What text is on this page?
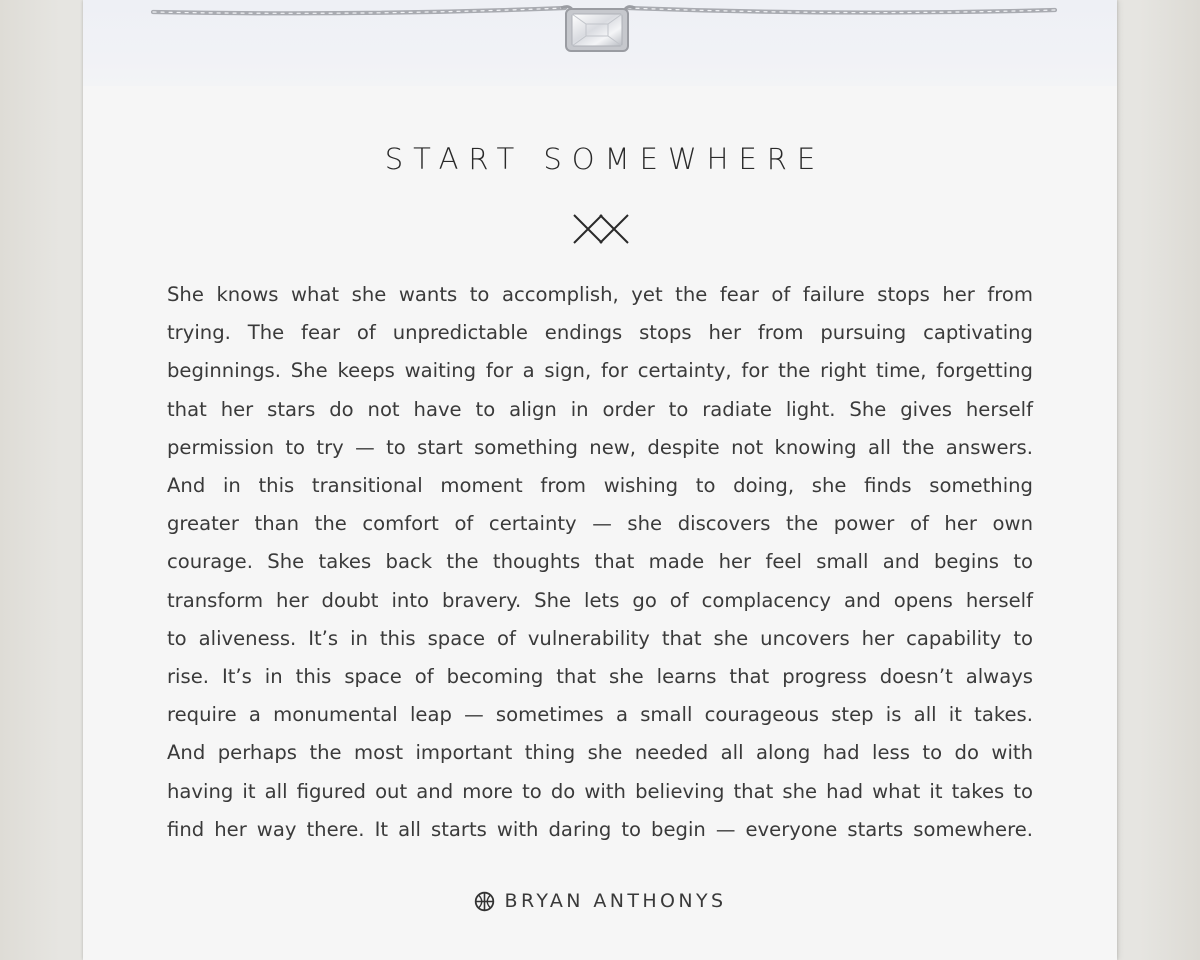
START SOMEWHERE
She knows what she wants to accomplish, yet the fear of failure stops her from
trying. The fear of unpredictable endings stops her from pursuing captivating
beginnings. She keeps waiting for a sign, for certainty, for the right time, forgetting
that her stars do not have to align in order to radiate light. She gives herself
permission to try — to start something new, despite not knowing all the answers.
And in this transitional moment from wishing to doing, she finds something
greater than the comfort of certainty — she discovers the power of her own
courage. She takes back the thoughts that made her feel small and begins to
transform her doubt into bravery. She lets go of complacency and opens herself
to aliveness. It’s in this space of vulnerability that she uncovers her capability to
rise. It’s in this space of becoming that she learns that progress doesn’t always
require a monumental leap — sometimes a small courageous step is all it takes.
And perhaps the most important thing she needed all along had less to do with
having it all figured out and more to do with believing that she had what it takes to
find her way there. It all starts with daring to begin — everyone starts somewhere.
BRYAN ANTHONYS
